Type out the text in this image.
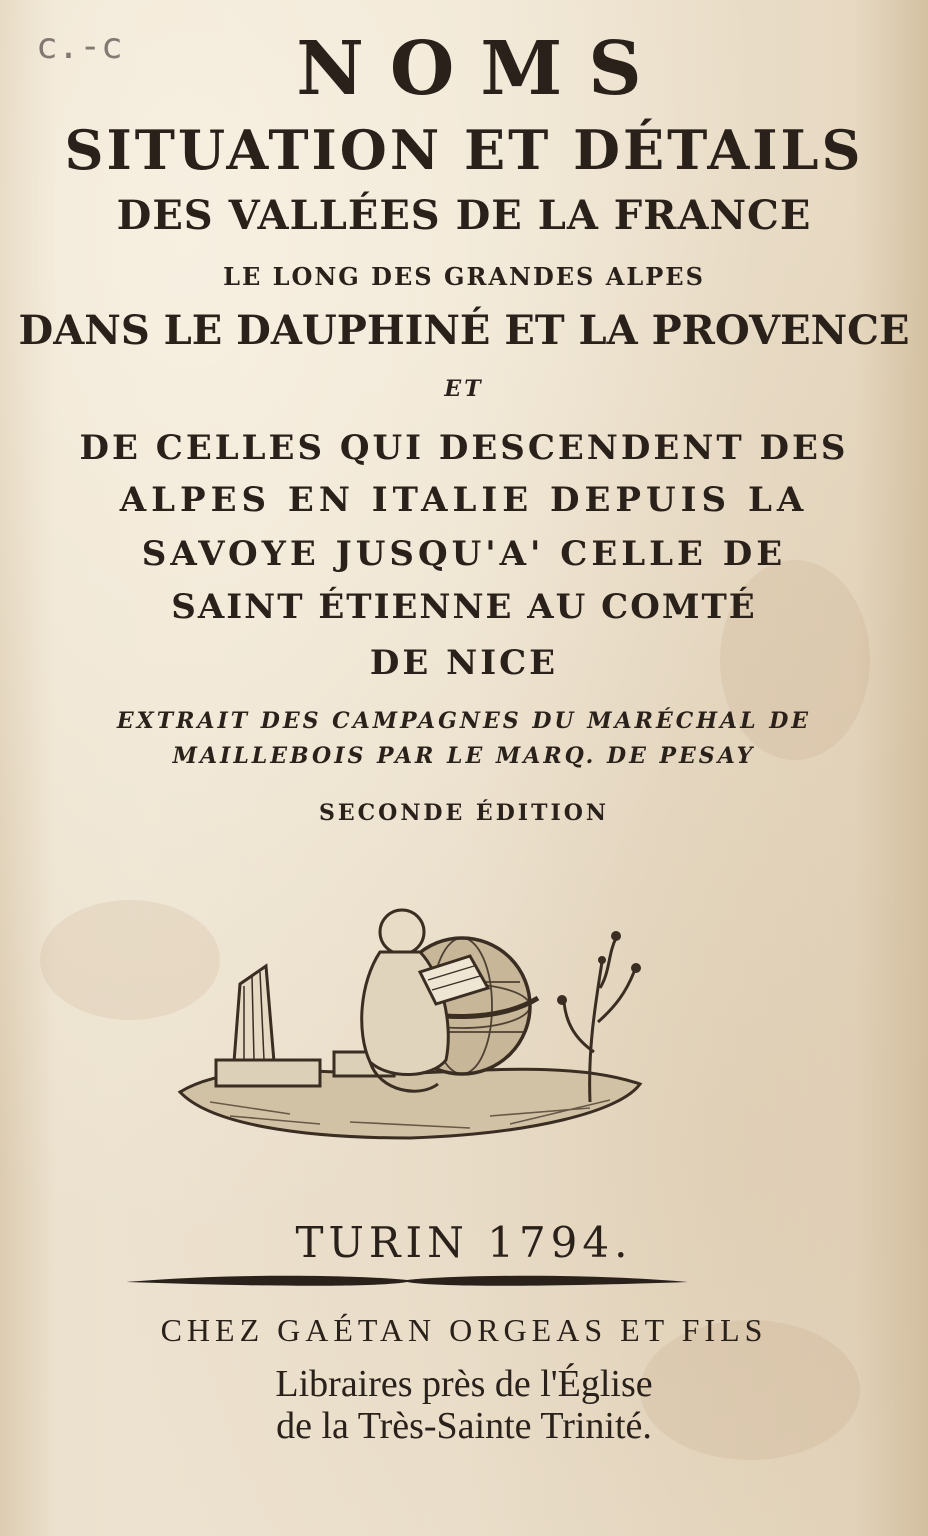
c.-c	NOMS
SITUATION ET DÉTAILS
DES VALLÉES DE LA FRANCE
LE LONG DES GRANDES ALPES
DANS LE DAUPHINÉ ET LA PROVENCE
ET
DE CELLES QUI DESCENDENT DES
ALPES EN ITALIE DEPUIS LA
SAVOYE JUSQU'A' CELLE DE
SAINT ÉTIENNE AU COMTÉ
DE NICE
EXTRAIT DES CAMPAGNES DU MARÉCHAL DE
MAILLEBOIS PAR LE MARQ. DE PESAY
SECONDE ÉDITION
TURIN 1794.
CHEZ GAÉTAN ORGEAS ET FILS
Libraires près de l'Église
de la Très-Sainte Trinité.
